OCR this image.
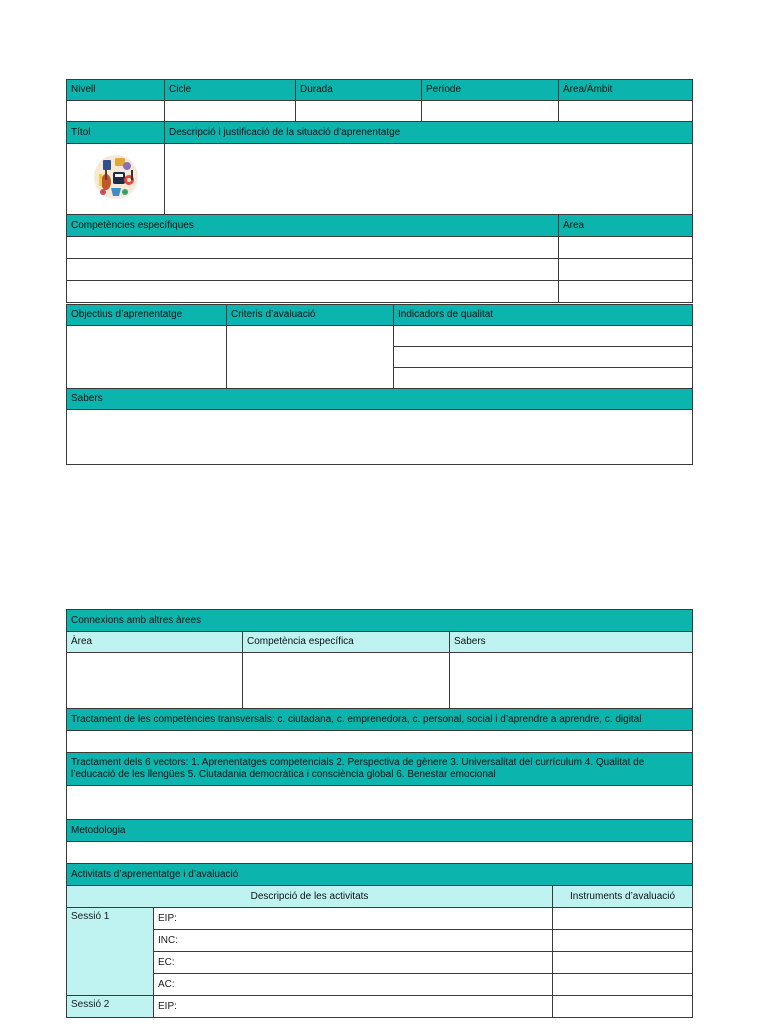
Nivell	Cicle	Durada	Període	Àrea/Àmbit

Títol	Descripció i justificació de la situació d’aprenentatge			

Competències específiques				Àrea

Objectius d’aprenentatge	Criteris d’avaluació	Indicadors de qualitat

Sabers		

Connexions amb altres àrees		
Àrea	Competència específica	Sabers

Tractament de les competències transversals: c. ciutadana, c. emprenedora, c. personal, social i d’aprendre a aprendre, c. digital		

Tractament dels 6 vectors: 1. Aprenentatges competencials 2. Perspectiva de gènere 3. Universalitat del currículum 4. Qualitat de l’educació de les llengües 5. Ciutadania democràtica i consciència global 6. Benestar emocional		

Metodologia		

Activitats d’aprenentatge i d’avaluació		
Descripció de les activitats		Instruments d’avaluació
Sessió 1	EIP:	
	INC:	
	EC:	
	AC:	
Sessió 2	EIP:	
